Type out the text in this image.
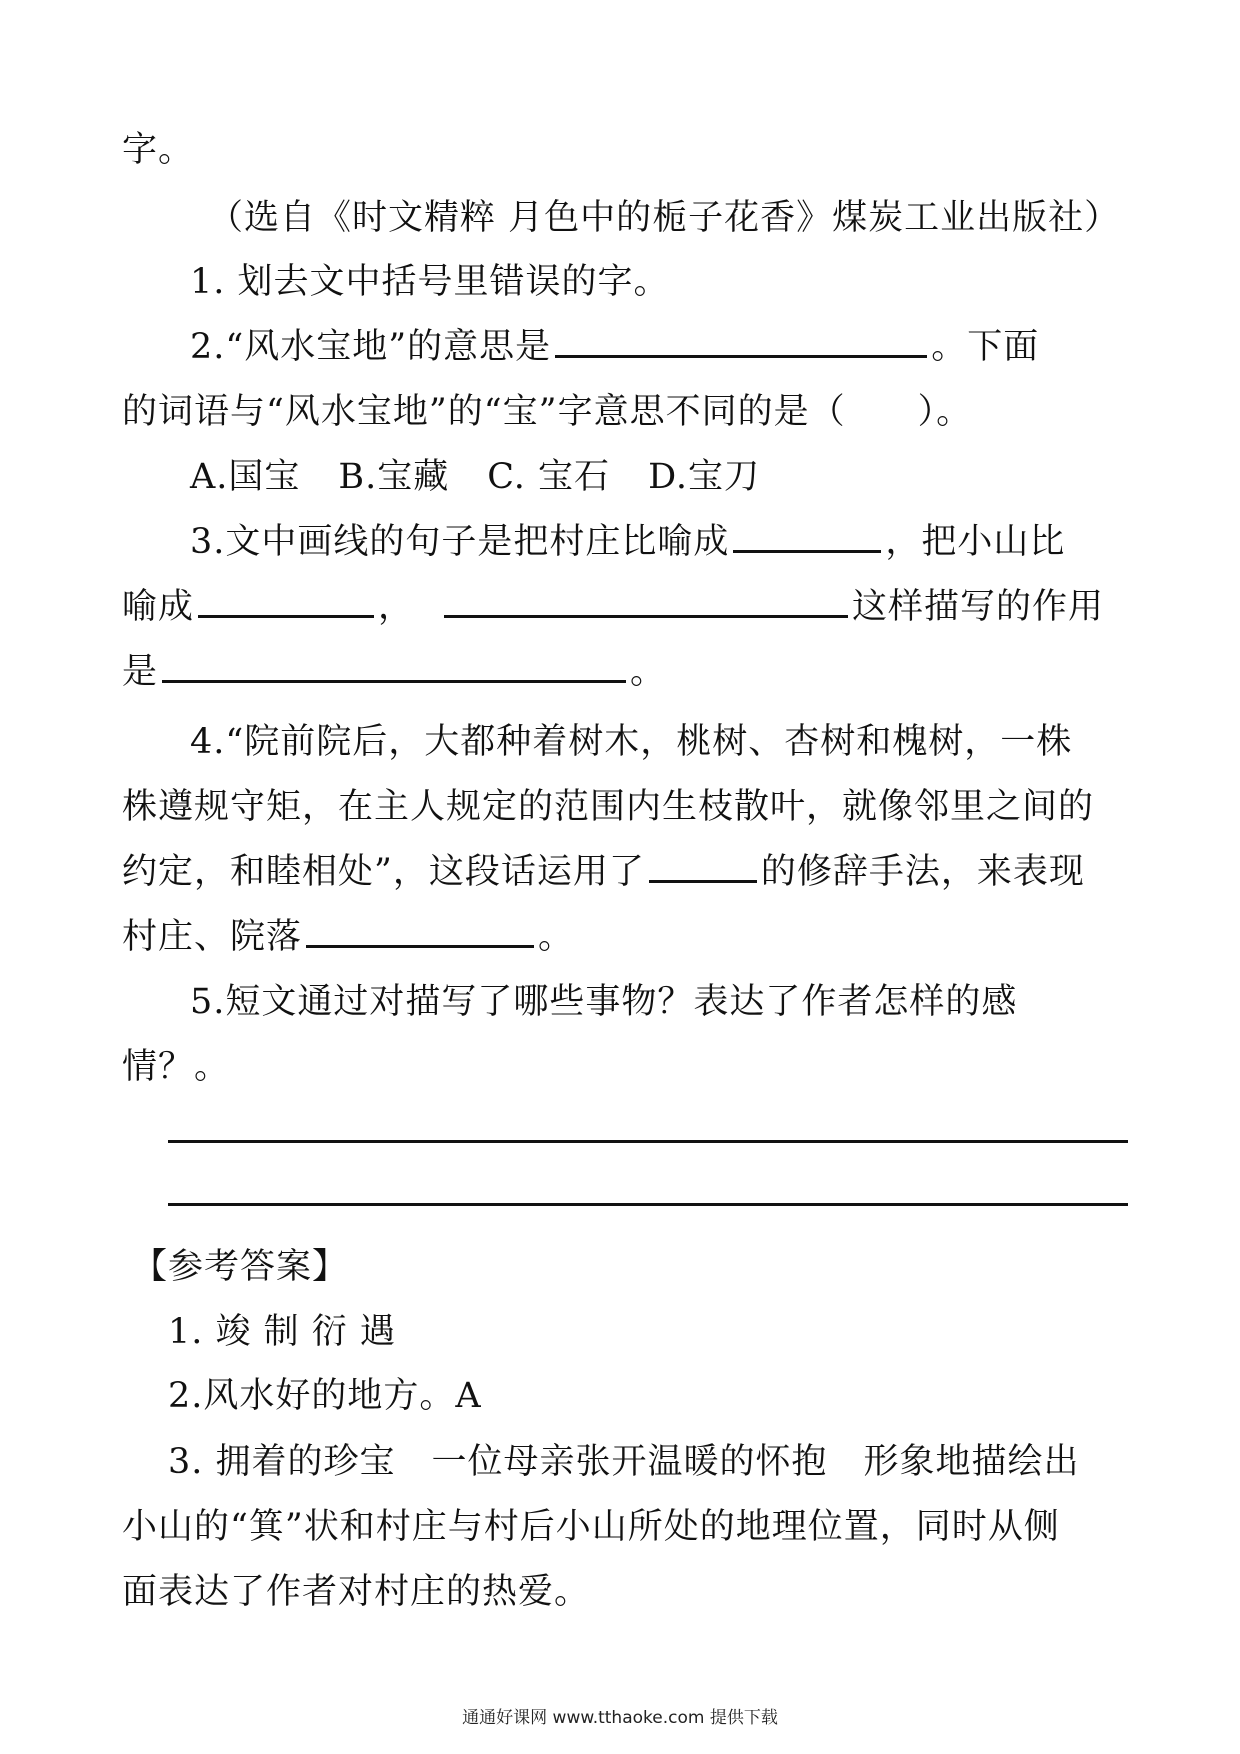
字。
（选自《时文精粹 月色中的栀子花香》煤炭工业出版社）
1. 划去文中括号里错误的字。
2.“风水宝地”的意思是	。下面
的词语与“风水宝地”的“宝”字意思不同的是（　　）。
A.国宝 B.宝藏 C. 宝石 D.宝刀
3.文中画线的句子是把村庄比喻成	，把小山比
喻成	，	这样描写的作用
是	。
4.“院前院后，大都种着树木，桃树、杏树和槐树，一株
株遵规守矩，在主人规定的范围内生枝散叶，就像邻里之间的
约定，和睦相处”，这段话运用了	的修辞手法，来表现
村庄、院落	。
5.短文通过对描写了哪些事物？表达了作者怎样的感
情？。
【参考答案】
1. 竣 制 衍 遇
2.风水好的地方。A
3. 拥着的珍宝　一位母亲张开温暖的怀抱　形象地描绘出
小山的“箕”状和村庄与村后小山所处的地理位置，同时从侧
面表达了作者对村庄的热爱。
通通好课网 www.tthaoke.com 提供下载
